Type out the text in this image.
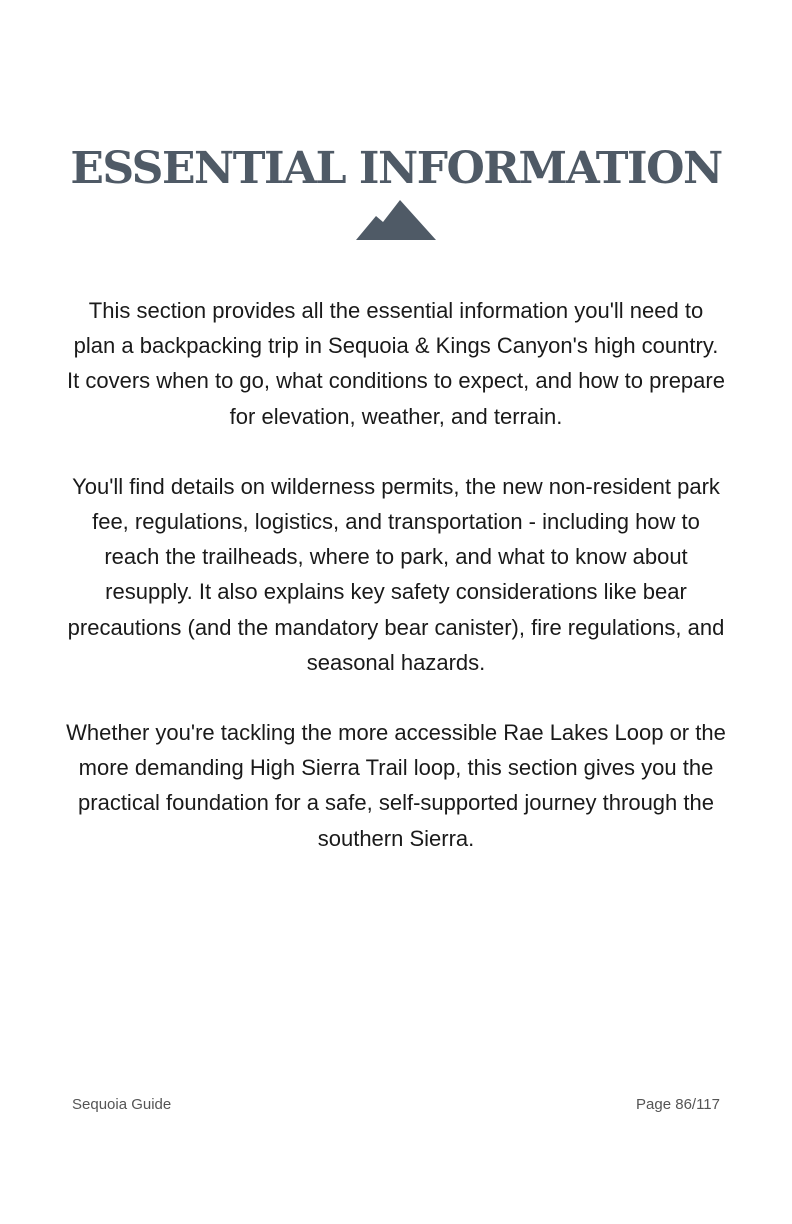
ESSENTIAL INFORMATION

This section provides all the essential information you'll need to plan a backpacking trip in Sequoia & Kings Canyon's high country. It covers when to go, what conditions to expect, and how to prepare for elevation, weather, and terrain.

You'll find details on wilderness permits, the new non-resident park fee, regulations, logistics, and transportation - including how to reach the trailheads, where to park, and what to know about resupply. It also explains key safety considerations like bear precautions (and the mandatory bear canister), fire regulations, and seasonal hazards.

Whether you're tackling the more accessible Rae Lakes Loop or the more demanding High Sierra Trail loop, this section gives you the practical foundation for a safe, self-supported journey through the southern Sierra.

Sequoia Guide	Page 86/117
